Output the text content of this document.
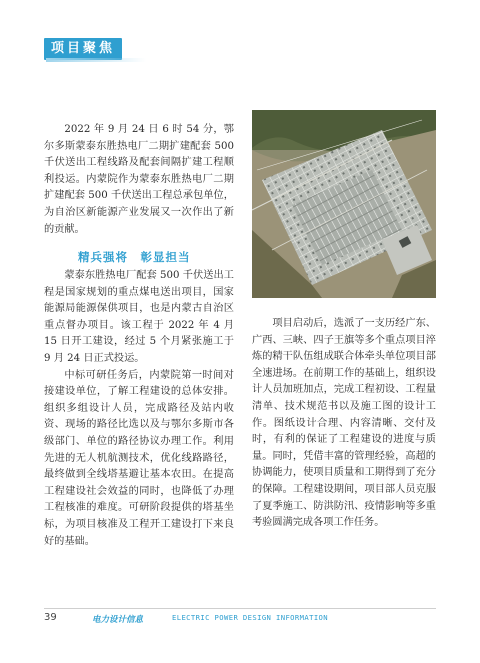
项目聚焦

2022 年 9 月 24 日 6 时 54 分，鄂尔多斯蒙泰东胜热电厂二期扩建配套 500 千伏送出工程线路及配套间隔扩建工程顺利投运。内蒙院作为蒙泰东胜热电厂二期扩建配套 500 千伏送出工程总承包单位，为自治区新能源产业发展又一次作出了新的贡献。

精兵强将　彰显担当

蒙泰东胜热电厂配套 500 千伏送出工程是国家规划的重点煤电送出项目，国家能源局能源保供项目，也是内蒙古自治区重点督办项目。该工程于 2022 年 4 月 15 日开工建设，经过 5 个月紧张施工于 9 月 24 日正式投运。

中标可研任务后，内蒙院第一时间对接建设单位，了解工程建设的总体安排。组织多组设计人员，完成路径及站内收资、现场的路径比选以及与鄂尔多斯市各级部门、单位的路径协议办理工作。利用先进的无人机航测技术，优化线路路径，最终做到全线塔基避让基本农田。在提高工程建设社会效益的同时，也降低了办理工程核准的难度。可研阶段提供的塔基坐标，为项目核准及工程开工建设打下来良好的基础。

项目启动后，选派了一支历经广东、广西、三峡、四子王旗等多个重点项目淬炼的精干队伍组成联合体牵头单位项目部全速进场。在前期工作的基础上，组织设计人员加班加点，完成工程初设、工程量清单、技术规范书以及施工图的设计工作。图纸设计合理、内容清晰、交付及时，有利的保证了工程建设的进度与质量。同时，凭借丰富的管理经验，高超的协调能力，使项目质量和工期得到了充分的保障。工程建设期间，项目部人员克服了夏季施工、防洪防汛、疫情影响等多重考验圆满完成各项工作任务。

39	电力设计信息	ELECTRIC POWER DESIGN INFORMATION
